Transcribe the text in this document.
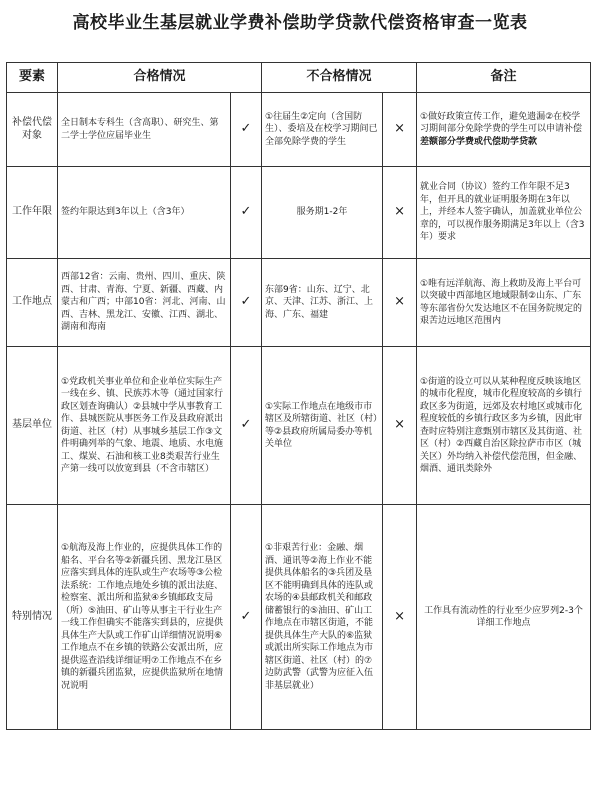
高校毕业生基层就业学费补偿助学贷款代偿资格审查一览表
要素	合格情况		不合格情况		备注
补偿代偿对象	全日制本专科生（含高职）、研究生、第二学士学位应届毕业生	✓	①往届生②定向（含国防生）、委培及在校学习期间已全部免除学费的学生	×	①做好政策宣传工作，避免遗漏②在校学习期间部分免除学费的学生可以申请补偿差额部分学费或代偿助学贷款
工作年限	签约年限达到3年以上（含3年）	✓	服务期1-2年	×	就业合同（协议）签约工作年限不足3年，但开具的就业证明服务期在3年以上，并经本人签字确认，加盖就业单位公章的，可以视作服务期满足3年以上（含3年）要求
工作地点	西部12省：云南、贵州、四川、重庆、陕西、甘肃、青海、宁夏、新疆、西藏、内蒙古和广西；中部10省：河北、河南、山西、吉林、黑龙江、安徽、江西、湖北、湖南和海南	✓	东部9省：山东、辽宁、北京、天津、江苏、浙江、上海、广东、福建	×	①唯有远洋航海、海上救助及海上平台可以突破中西部地区地域限制②山东、广东等东部省份欠发达地区不在国务院规定的艰苦边远地区范围内
基层单位	①党政机关事业单位和企业单位实际生产一线在乡、镇、民族苏木等（通过国家行政区划查询确认）②县城中学从事教育工作、县城医院从事医务工作及县政府派出街道、社区（村）从事城乡基层工作③文件明确列举的气象、地震、地质、水电施工、煤炭、石油和核工业8类艰苦行业生产第一线可以放宽到县（不含市辖区）	✓	①实际工作地点在地级市市辖区及所辖街道、社区（村）等②县政府所属局委办等机关单位	×	①街道的设立可以从某种程度反映该地区的城市化程度，城市化程度较高的乡镇行政区多为街道，远郊及农村地区或城市化程度较低的乡镇行政区多为乡镇，因此审查时应特别注意甄别市辖区及其街道、社区（村）②西藏自治区除拉萨市市区（城关区）外均纳入补偿代偿范围，但金融、烟酒、通讯类除外
特别情况	①航海及海上作业的，应提供具体工作的船名、平台名等②新疆兵团、黑龙江垦区应落实到具体的连队或生产农场等③公检法系统：工作地点地处乡镇的派出法庭、检察室、派出所和监狱④乡镇邮政支局（所）⑤油田、矿山等从事主干行业生产一线工作但确实不能落实到县的，应提供具体生产大队或工作矿山详细情况说明⑥工作地点不在乡镇的铁路公安派出所，应提供巡查沿线详细证明⑦工作地点不在乡镇的新疆兵团监狱，应提供监狱所在地情况说明	✓	①非艰苦行业：金融、烟酒、通讯等②海上作业不能提供具体船名的③兵团及垦区不能明确到具体的连队或农场的④县邮政机关和邮政储蓄银行的⑤油田、矿山工作地点在市辖区街道，不能提供具体生产大队的⑥监狱或派出所实际工作地点为市辖区街道、社区（村）的⑦边防武警（武警为应征入伍非基层就业）	×	工作具有流动性的行业至少应罗列2-3个详细工作地点
